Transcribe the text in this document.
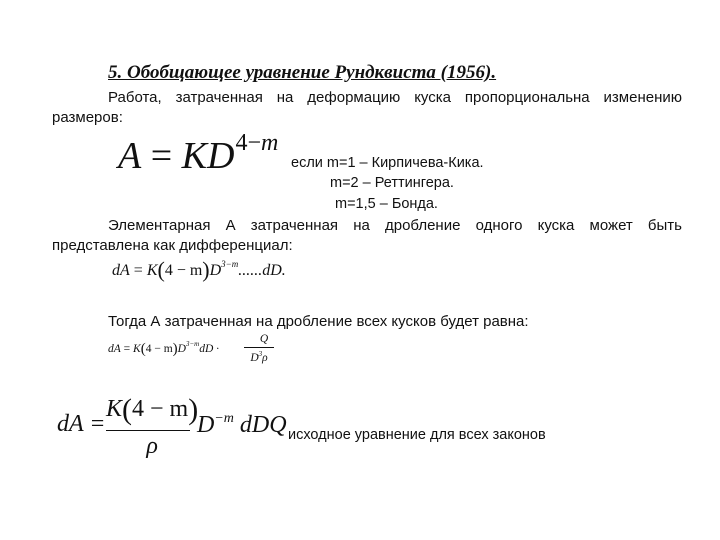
5. Обобщающее уравнение Рундквиста (1956).
Работа, затраченная на деформацию куска пропорциональна изменению размеров:
$A = KD^{4-m}$
если m=1 – Кирпичева-Кика.
m=2 – Реттингера.
m=1,5 – Бонда.
Элементарная А затраченная на дробление одного куска может быть представлена как дифференциал:
dA = $K(4 - m)D^{3-m}......dD$.
Тогда А затраченная на дробление всех кусков будет равна:
dA = $K(4 - m)D^{3-m}dD$ ·
Q
$D^3\rho$
dA =
K(4 − m)
ρ
$D^{-m}$ dDQ исходное уравнение для всех законов
